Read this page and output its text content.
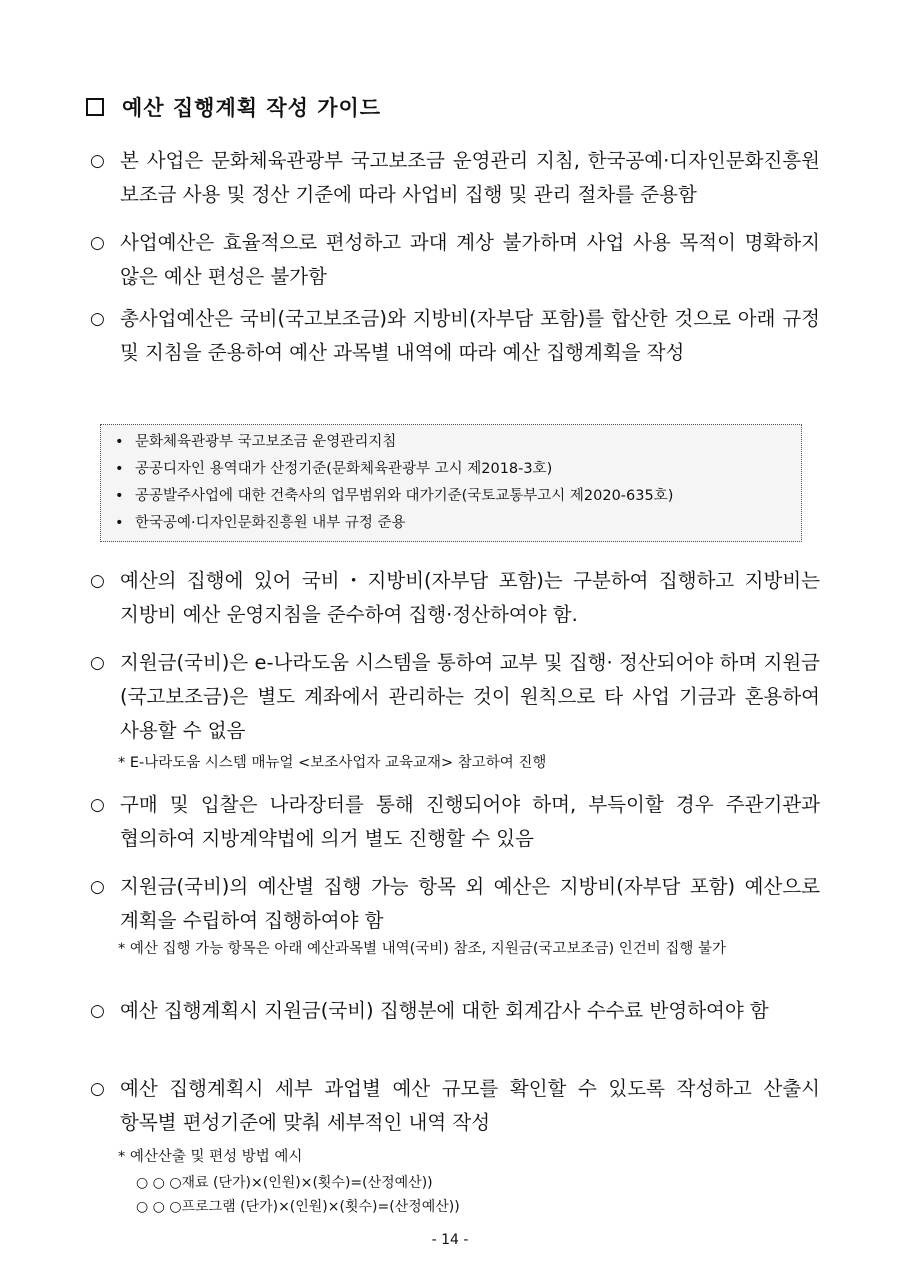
예산 집행계획 작성 가이드
○ 본 사업은 문화체육관광부 국고보조금 운영관리 지침, 한국공예·디자인문화진흥원 보조금 사용 및 정산 기준에 따라 사업비 집행 및 관리 절차를 준용함
○ 사업예산은 효율적으로 편성하고 과대 계상 불가하며 사업 사용 목적이 명확하지 않은 예산 편성은 불가함
○ 총사업예산은 국비(국고보조금)와 지방비(자부담 포함)를 합산한 것으로 아래 규정 및 지침을 준용하여 예산 과목별 내역에 따라 예산 집행계획을 작성
• 문화체육관광부 국고보조금 운영관리지침
• 공공디자인 용역대가 산정기준(문화체육관광부 고시 제2018-3호)
• 공공발주사업에 대한 건축사의 업무범위와 대가기준(국토교통부고시 제2020-635호)
• 한국공예·디자인문화진흥원 내부 규정 준용
○ 예산의 집행에 있어 국비・지방비(자부담 포함)는 구분하여 집행하고 지방비는 지방비 예산 운영지침을 준수하여 집행·정산하여야 함.
○ 지원금(국비)은 e-나라도움 시스템을 통하여 교부 및 집행· 정산되어야 하며 지원금(국고보조금)은 별도 계좌에서 관리하는 것이 원칙으로 타 사업 기금과 혼용하여 사용할 수 없음
* E-나라도움 시스템 매뉴얼 <보조사업자 교육교재> 참고하여 진행
○ 구매 및 입찰은 나라장터를 통해 진행되어야 하며, 부득이할 경우 주관기관과 협의하여 지방계약법에 의거 별도 진행할 수 있음
○ 지원금(국비)의 예산별 집행 가능 항목 외 예산은 지방비(자부담 포함) 예산으로 계획을 수립하여 집행하여야 함
* 예산 집행 가능 항목은 아래 예산과목별 내역(국비) 참조, 지원금(국고보조금) 인건비 집행 불가
○ 예산 집행계획시 지원금(국비) 집행분에 대한 회계감사 수수료 반영하여야 함
○ 예산 집행계획시 세부 과업별 예산 규모를 확인할 수 있도록 작성하고 산출시 항목별 편성기준에 맞춰 세부적인 내역 작성
* 예산산출 및 편성 방법 예시
○ ○ ○재료 (단가)×(인원)×(횟수)=(산정예산))
○ ○ ○프로그램 (단가)×(인원)×(횟수)=(산정예산))
- 14 -
